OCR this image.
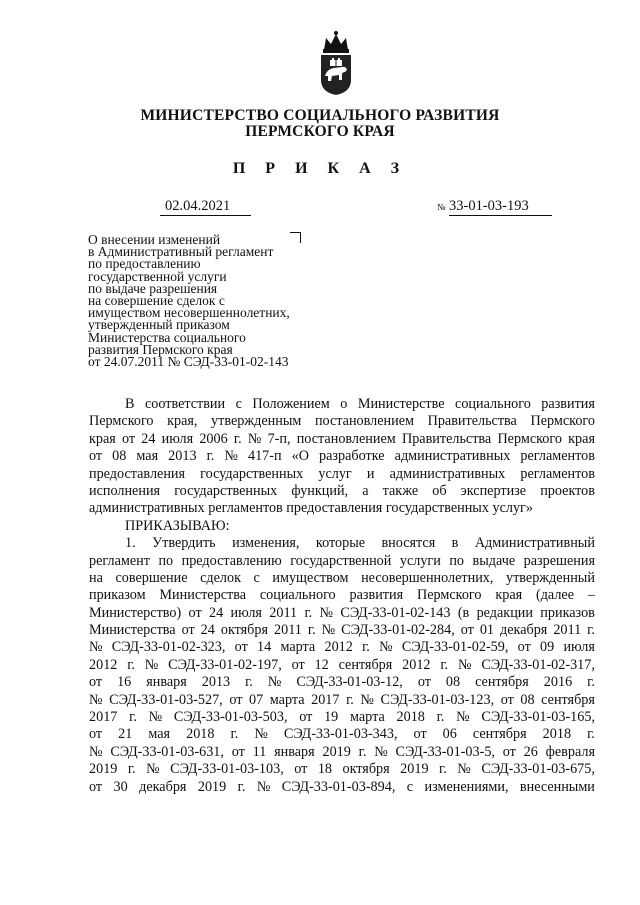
МИНИСТЕРСТВО СОЦИАЛЬНОГО РАЗВИТИЯ
ПЕРМСКОГО КРАЯ
П Р И К А З
02.04.2021	№ 33-01-03-193
О внесении изменений
в Административный регламент
по предоставлению
государственной услуги
по выдаче разрешения
на совершение сделок с
имуществом несовершеннолетних,
утвержденный приказом
Министерства социального
развития Пермского края
от 24.07.2011 № СЭД-33-01-02-143
В соответствии с Положением о Министерстве социального развития
Пермского края, утвержденным постановлением Правительства Пермского
края от 24 июля 2006 г. № 7-п, постановлением Правительства Пермского края
от 08 мая 2013 г. № 417-п «О разработке административных регламентов
предоставления государственных услуг и административных регламентов
исполнения государственных функций, а также об экспертизе проектов
административных регламентов предоставления государственных услуг»
ПРИКАЗЫВАЮ:
1. Утвердить изменения, которые вносятся в Административный
регламент по предоставлению государственной услуги по выдаче разрешения
на совершение сделок с имуществом несовершеннолетних, утвержденный
приказом Министерства социального развития Пермского края (далее –
Министерство) от 24 июля 2011 г. № СЭД-33-01-02-143 (в редакции приказов
Министерства от 24 октября 2011 г. № СЭД-33-01-02-284, от 01 декабря 2011 г.
№ СЭД-33-01-02-323, от 14 марта 2012 г. № СЭД-33-01-02-59, от 09 июля
2012 г. № СЭД-33-01-02-197, от 12 сентября 2012 г. № СЭД-33-01-02-317,
от 16 января 2013 г. № СЭД-33-01-03-12, от 08 сентября 2016 г.
№ СЭД-33-01-03-527, от 07 марта 2017 г. № СЭД-33-01-03-123, от 08 сентября
2017 г. № СЭД-33-01-03-503, от 19 марта 2018 г. № СЭД-33-01-03-165,
от 21 мая 2018 г. № СЭД-33-01-03-343, от 06 сентября 2018 г.
№ СЭД-33-01-03-631, от 11 января 2019 г. № СЭД-33-01-03-5, от 26 февраля
2019 г. № СЭД-33-01-03-103, от 18 октября 2019 г. № СЭД-33-01-03-675,
от 30 декабря 2019 г. № СЭД-33-01-03-894, с изменениями, внесенными
